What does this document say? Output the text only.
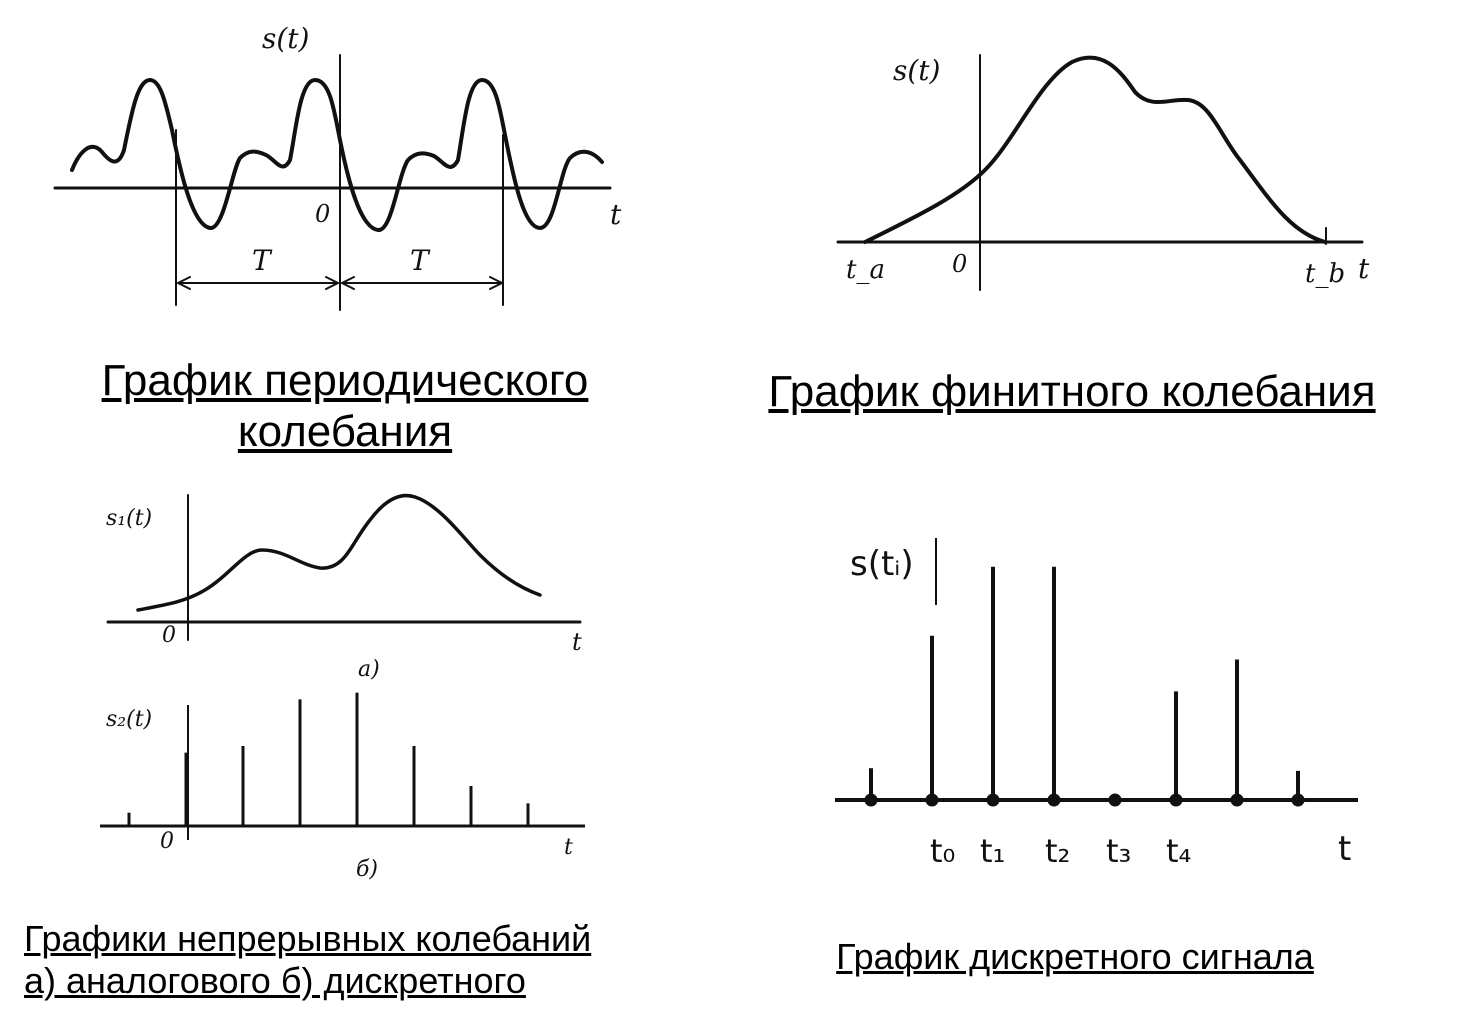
s(t)
t
0
T	T
s(t)
t
0
t_a	t_b
s₁(t)
t
0
а)
s₂(t)
t
0
б)
s(tᵢ)
t
t₀ t₁ t₂ t₃ t₄
График периодического
колебания
График финитного колебания
Графики непрерывных колебаний
а) аналогового б) дискретного
График дискретного сигнала
